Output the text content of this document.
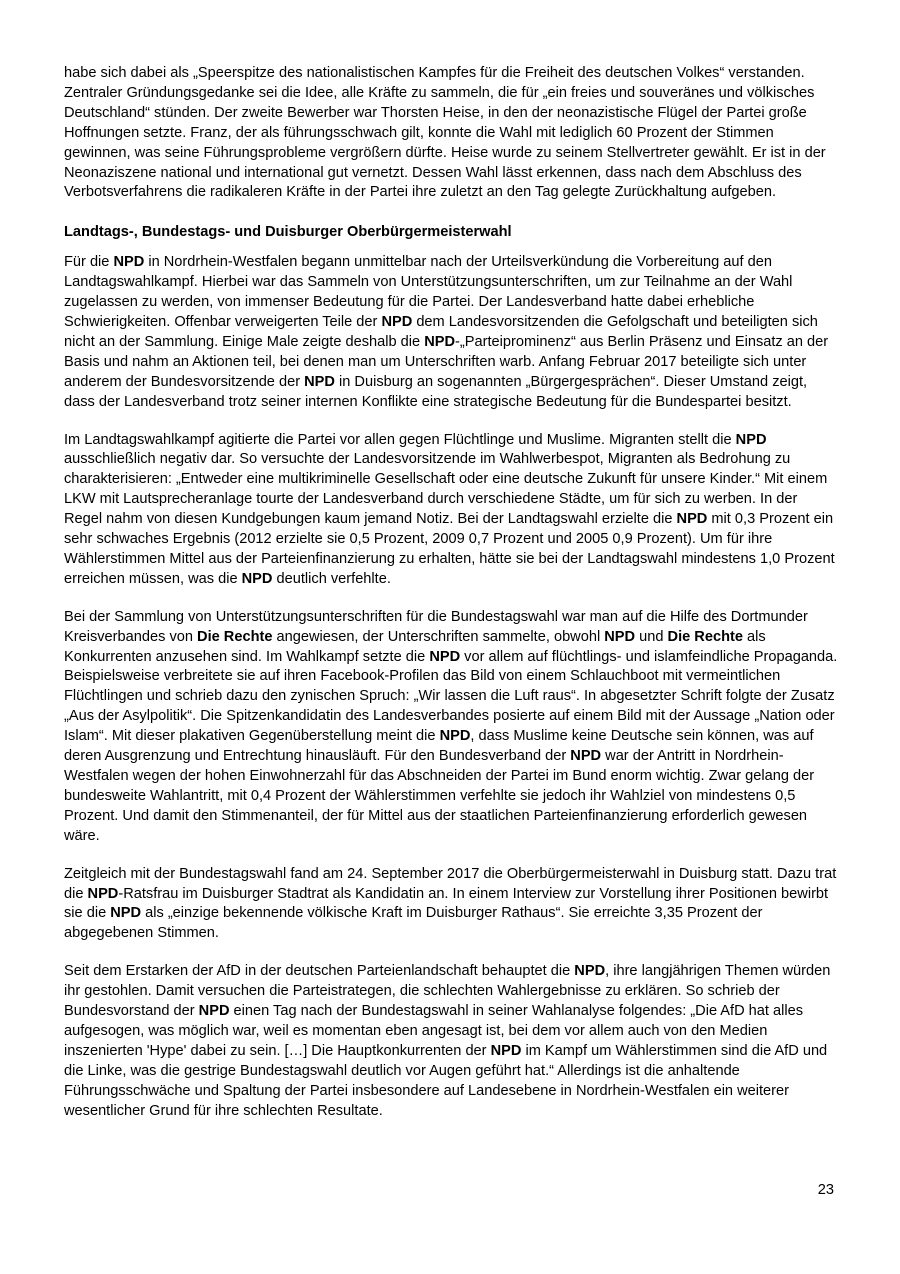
habe sich dabei als „Speerspitze des nationalistischen Kampfes für die Freiheit des deutschen Volkes“ verstanden. Zentraler Gründungsgedanke sei die Idee, alle Kräfte zu sammeln, die für „ein freies und souveränes und völkisches Deutschland“ stünden. Der zweite Bewerber war Thorsten Heise, in den der neonazistische Flügel der Partei große Hoffnungen setzte. Franz, der als führungsschwach gilt, konnte die Wahl mit lediglich 60 Prozent der Stimmen gewinnen, was seine Führungsprobleme vergrößern dürfte. Heise wurde zu seinem Stellvertreter gewählt. Er ist in der Neonaziszene national und international gut vernetzt. Dessen Wahl lässt erkennen, dass nach dem Abschluss des Verbotsverfahrens die radikaleren Kräfte in der Partei ihre zuletzt an den Tag gelegte Zurückhaltung aufgeben.

Landtags-, Bundestags- und Duisburger Oberbürgermeisterwahl

Für die NPD in Nordrhein-Westfalen begann unmittelbar nach der Urteilsverkündung die Vorbereitung auf den Landtagswahlkampf. Hierbei war das Sammeln von Unterstützungsunterschriften, um zur Teilnahme an der Wahl zugelassen zu werden, von immenser Bedeutung für die Partei. Der Landesverband hatte dabei erhebliche Schwierigkeiten. Offenbar verweigerten Teile der NPD dem Landesvorsitzenden die Gefolgschaft und beteiligten sich nicht an der Sammlung. Einige Male zeigte deshalb die NPD-„Parteiprominenz“ aus Berlin Präsenz und Einsatz an der Basis und nahm an Aktionen teil, bei denen man um Unterschriften warb. Anfang Februar 2017 beteiligte sich unter anderem der Bundesvorsitzende der NPD in Duisburg an sogenannten „Bürgergesprächen“. Dieser Umstand zeigt, dass der Landesverband trotz seiner internen Konflikte eine strategische Bedeutung für die Bundespartei besitzt.

Im Landtagswahlkampf agitierte die Partei vor allen gegen Flüchtlinge und Muslime. Migranten stellt die NPD ausschließlich negativ dar. So versuchte der Landesvorsitzende im Wahlwerbespot, Migranten als Bedrohung zu charakterisieren: „Entweder eine multikriminelle Gesellschaft oder eine deutsche Zukunft für unsere Kinder.“ Mit einem LKW mit Lautsprecheranlage tourte der Landesverband durch verschiedene Städte, um für sich zu werben. In der Regel nahm von diesen Kundgebungen kaum jemand Notiz. Bei der Landtagswahl erzielte die NPD mit 0,3 Prozent ein sehr schwaches Ergebnis (2012 erzielte sie 0,5 Prozent, 2009 0,7 Prozent und 2005 0,9 Prozent). Um für ihre Wählerstimmen Mittel aus der Parteienfinanzierung zu erhalten, hätte sie bei der Landtagswahl mindestens 1,0 Prozent erreichen müssen, was die NPD deutlich verfehlte.

Bei der Sammlung von Unterstützungsunterschriften für die Bundestagswahl war man auf die Hilfe des Dortmunder Kreisverbandes von Die Rechte angewiesen, der Unterschriften sammelte, obwohl NPD und Die Rechte als Konkurrenten anzusehen sind. Im Wahlkampf setzte die NPD vor allem auf flüchtlings- und islamfeindliche Propaganda. Beispielsweise verbreitete sie auf ihren Facebook-Profilen das Bild von einem Schlauchboot mit vermeintlichen Flüchtlingen und schrieb dazu den zynischen Spruch: „Wir lassen die Luft raus“. In abgesetzter Schrift folgte der Zusatz „Aus der Asylpolitik“. Die Spitzenkandidatin des Landesverbandes posierte auf einem Bild mit der Aussage „Nation oder Islam“. Mit dieser plakativen Gegenüberstellung meint die NPD, dass Muslime keine Deutsche sein können, was auf deren Ausgrenzung und Entrechtung hinausläuft. Für den Bundesverband der NPD war der Antritt in Nordrhein-Westfalen wegen der hohen Einwohnerzahl für das Abschneiden der Partei im Bund enorm wichtig. Zwar gelang der bundesweite Wahlantritt, mit 0,4 Prozent der Wählerstimmen verfehlte sie jedoch ihr Wahlziel von mindestens 0,5 Prozent. Und damit den Stimmenanteil, der für Mittel aus der staatlichen Parteienfinanzierung erforderlich gewesen wäre.

Zeitgleich mit der Bundestagswahl fand am 24. September 2017 die Oberbürgermeisterwahl in Duisburg statt. Dazu trat die NPD-Ratsfrau im Duisburger Stadtrat als Kandidatin an. In einem Interview zur Vorstellung ihrer Positionen bewirbt sie die NPD als „einzige bekennende völkische Kraft im Duisburger Rathaus“. Sie erreichte 3,35 Prozent der abgegebenen Stimmen.

Seit dem Erstarken der AfD in der deutschen Parteienlandschaft behauptet die NPD, ihre langjährigen Themen würden ihr gestohlen. Damit versuchen die Parteistrategen, die schlechten Wahlergebnisse zu erklären. So schrieb der Bundesvorstand der NPD einen Tag nach der Bundestagswahl in seiner Wahlanalyse folgendes: „Die AfD hat alles aufgesogen, was möglich war, weil es momentan eben angesagt ist, bei dem vor allem auch von den Medien inszenierten 'Hype' dabei zu sein. […] Die Hauptkonkurrenten der NPD im Kampf um Wählerstimmen sind die AfD und die Linke, was die gestrige Bundestagswahl deutlich vor Augen geführt hat.“ Allerdings ist die anhaltende Führungsschwäche und Spaltung der Partei insbesondere auf Landesebene in Nordrhein-Westfalen ein weiterer wesentlicher Grund für ihre schlechten Resultate.

23
